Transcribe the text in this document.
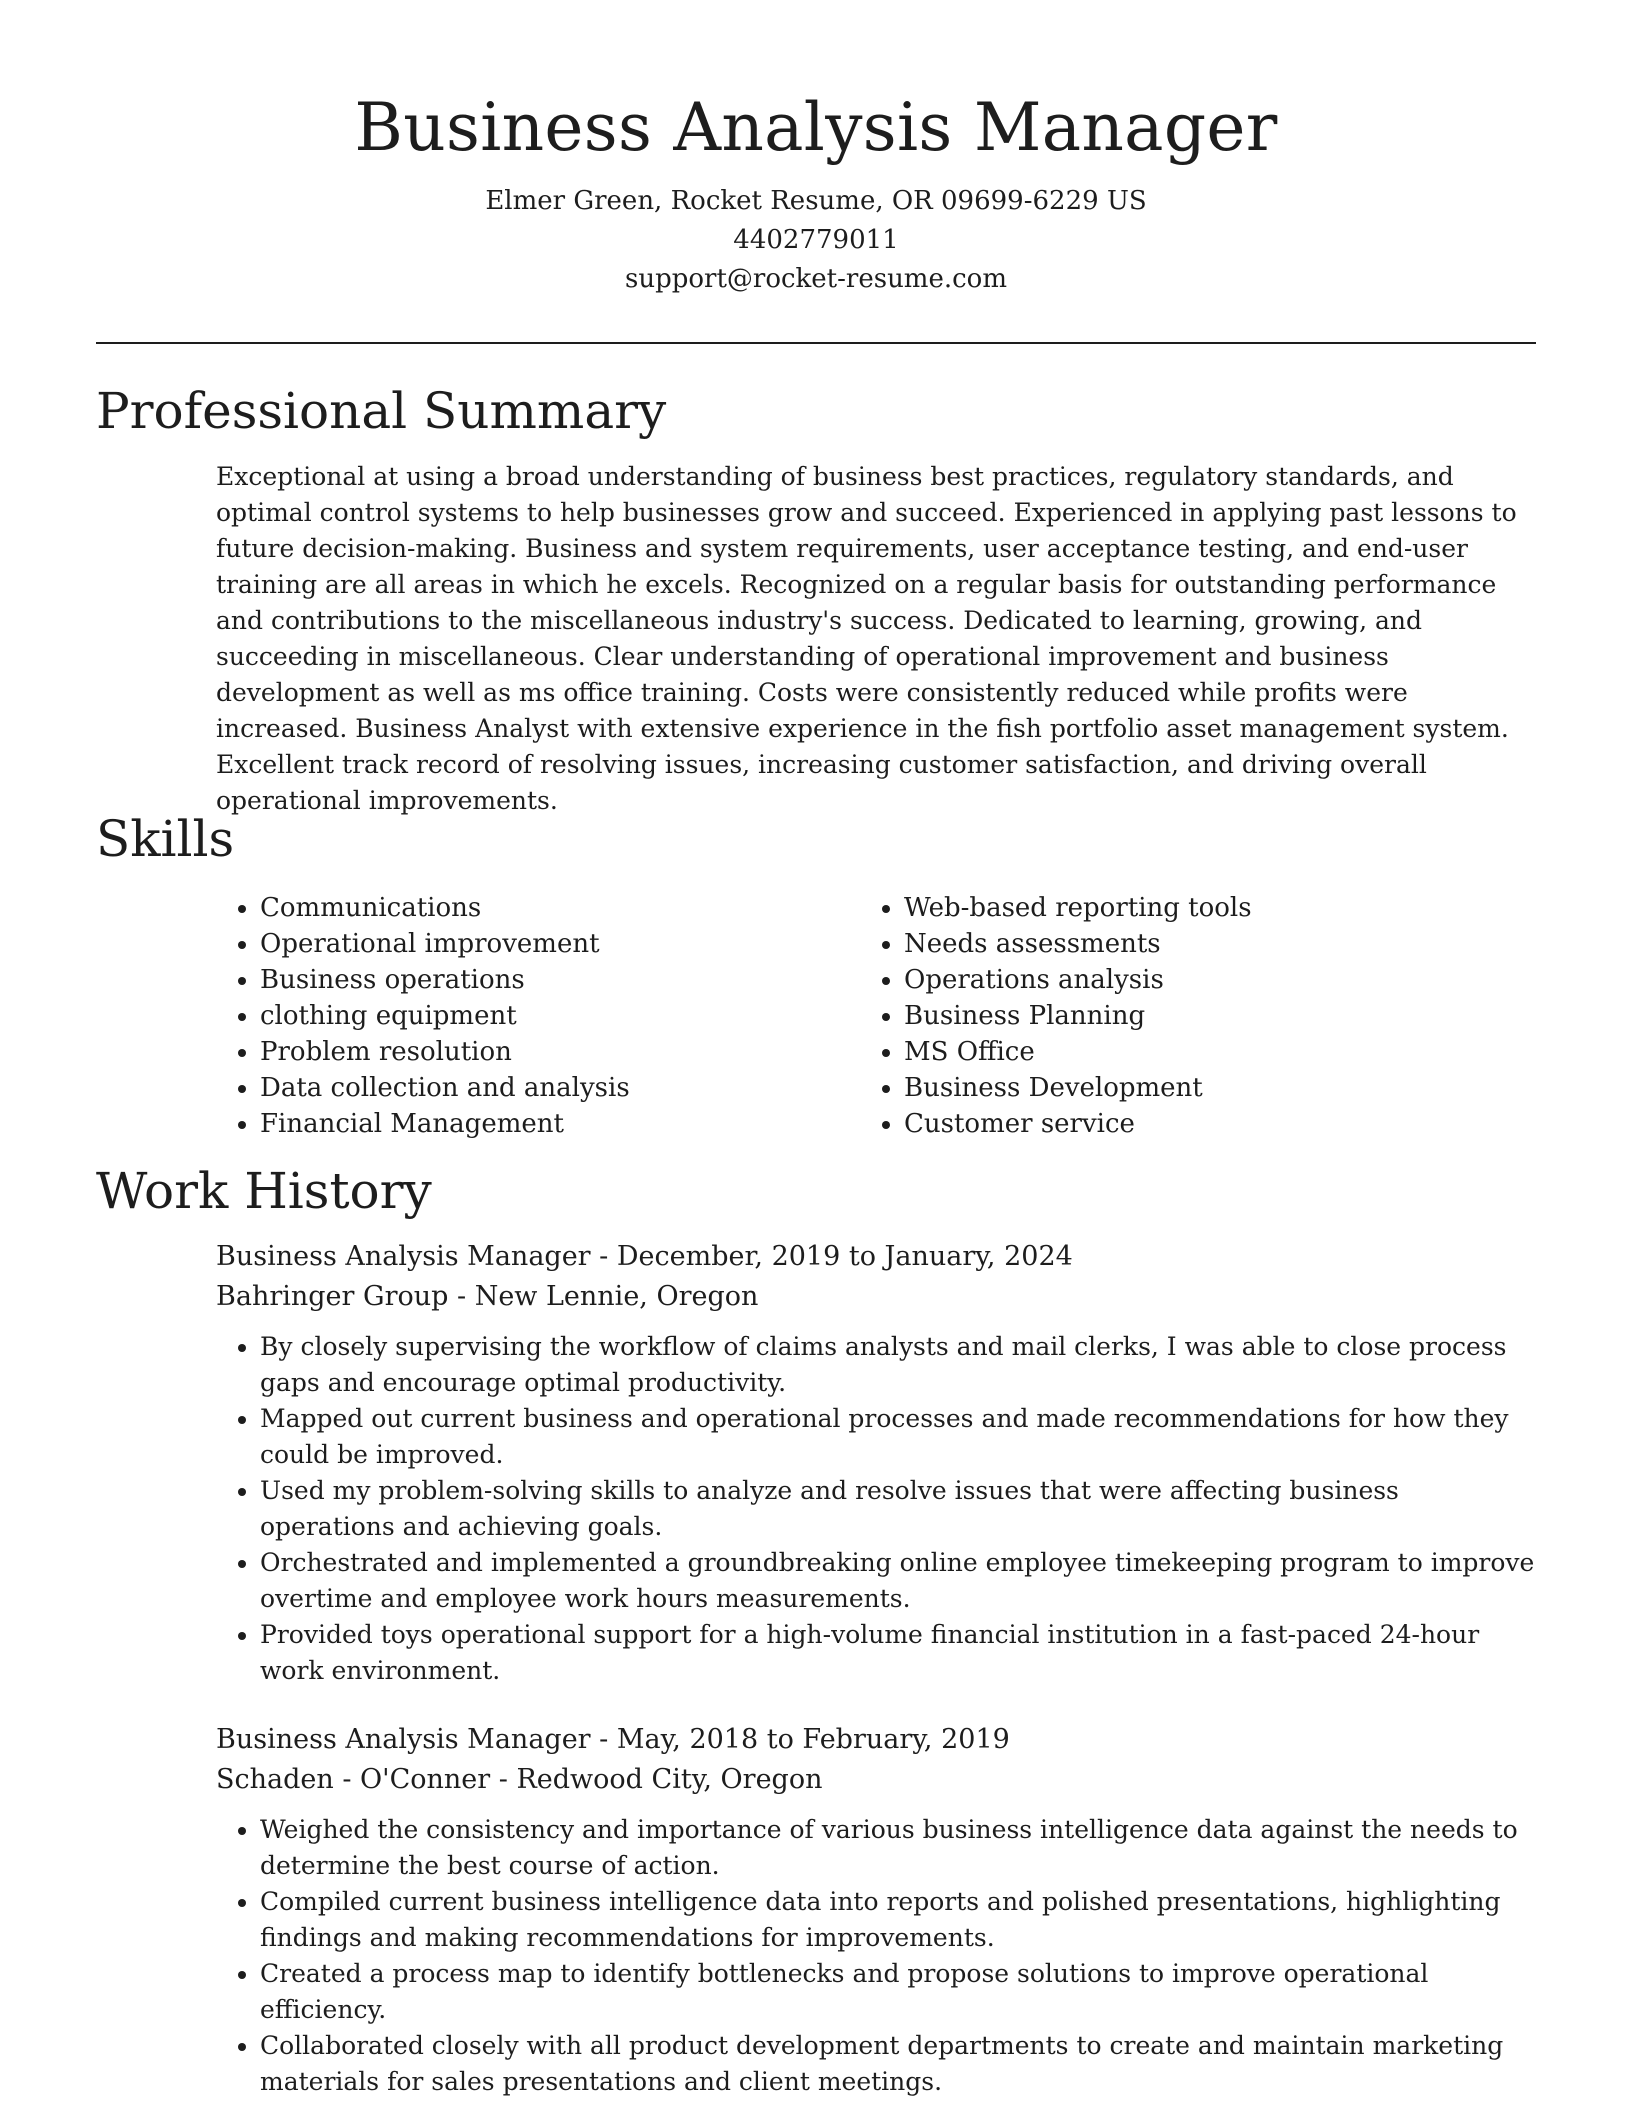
Business Analysis Manager

Elmer Green, Rocket Resume, OR 09699-6229 US

4402779011

support@rocket-resume.com

Professional Summary

Exceptional at using a broad understanding of business best practices, regulatory standards, and optimal control systems to help businesses grow and succeed. Experienced in applying past lessons to future decision-making. Business and system requirements, user acceptance testing, and end-user training are all areas in which he excels. Recognized on a regular basis for outstanding performance and contributions to the miscellaneous industry's success. Dedicated to learning, growing, and succeeding in miscellaneous. Clear understanding of operational improvement and business development as well as ms office training. Costs were consistently reduced while profits were increased. Business Analyst with extensive experience in the fish portfolio asset management system. Excellent track record of resolving issues, increasing customer satisfaction, and driving overall operational improvements.

Skills
• Communications
• Operational improvement
• Business operations
• clothing equipment
• Problem resolution
• Data collection and analysis
• Financial Management
• Web-based reporting tools
• Needs assessments
• Operations analysis
• Business Planning
• MS Office
• Business Development
• Customer service
Work History

Business Analysis Manager - December, 2019 to January, 2024

Bahringer Group - New Lennie, Oregon

• By closely supervising the workflow of claims analysts and mail clerks, I was able to close process gaps and encourage optimal productivity.
• Mapped out current business and operational processes and made recommendations for how they could be improved.
• Used my problem-solving skills to analyze and resolve issues that were affecting business operations and achieving goals.
• Orchestrated and implemented a groundbreaking online employee timekeeping program to improve overtime and employee work hours measurements.
• Provided toys operational support for a high-volume financial institution in a fast-paced 24-hour work environment.

Business Analysis Manager - May, 2018 to February, 2019

Schaden - O'Conner - Redwood City, Oregon

• Weighed the consistency and importance of various business intelligence data against the needs to determine the best course of action.
• Compiled current business intelligence data into reports and polished presentations, highlighting findings and making recommendations for improvements.
• Created a process map to identify bottlenecks and propose solutions to improve operational efficiency.
• Collaborated closely with all product development departments to create and maintain marketing materials for sales presentations and client meetings.
